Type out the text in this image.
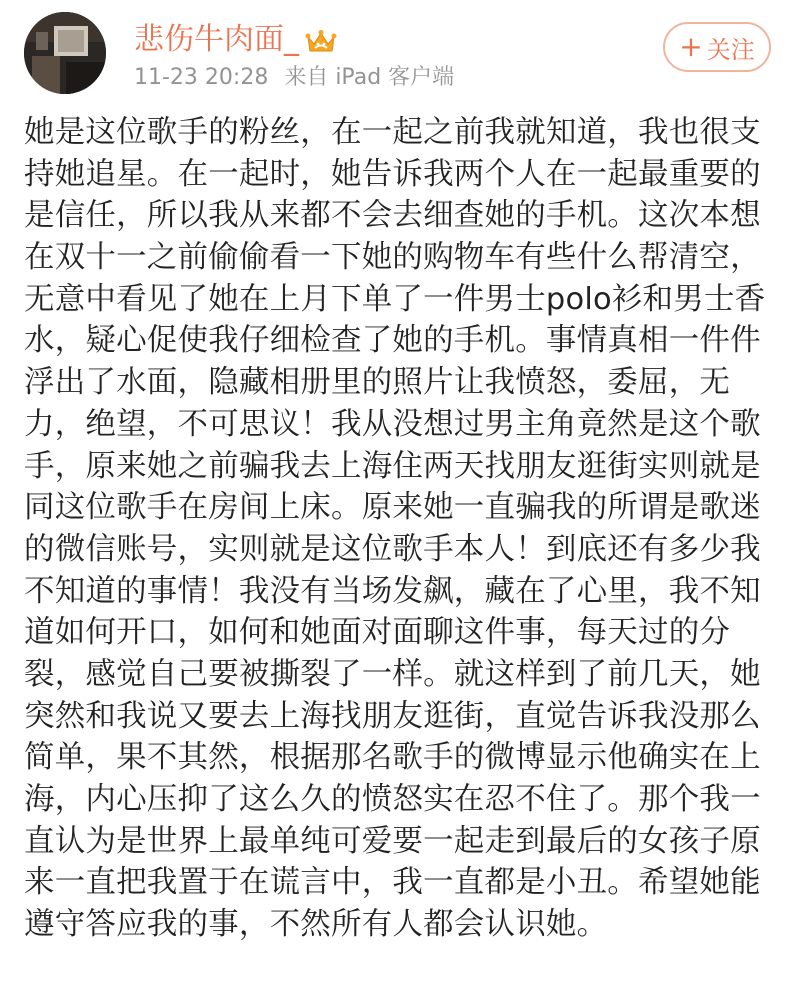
悲伤牛肉面_
11-23 20:28 来自 iPad 客户端
+ 关注
她是这位歌手的粉丝，在一起之前我就知道，我也很支
持她追星。在一起时，她告诉我两个人在一起最重要的
是信任，所以我从来都不会去细查她的手机。这次本想
在双十一之前偷偷看一下她的购物车有些什么帮清空，
无意中看见了她在上月下单了一件男士polo衫和男士香
水，疑心促使我仔细检查了她的手机。事情真相一件件
浮出了水面，隐藏相册里的照片让我愤怒，委屈，无
力，绝望，不可思议！我从没想过男主角竟然是这个歌
手，原来她之前骗我去上海住两天找朋友逛街实则就是
同这位歌手在房间上床。原来她一直骗我的所谓是歌迷
的微信账号，实则就是这位歌手本人！到底还有多少我
不知道的事情！我没有当场发飙，藏在了心里，我不知
道如何开口，如何和她面对面聊这件事，每天过的分
裂，感觉自己要被撕裂了一样。就这样到了前几天，她
突然和我说又要去上海找朋友逛街，直觉告诉我没那么
简单，果不其然，根据那名歌手的微博显示他确实在上
海，内心压抑了这么久的愤怒实在忍不住了。那个我一
直认为是世界上最单纯可爱要一起走到最后的女孩子原
来一直把我置于在谎言中，我一直都是小丑。希望她能
遵守答应我的事，不然所有人都会认识她。
